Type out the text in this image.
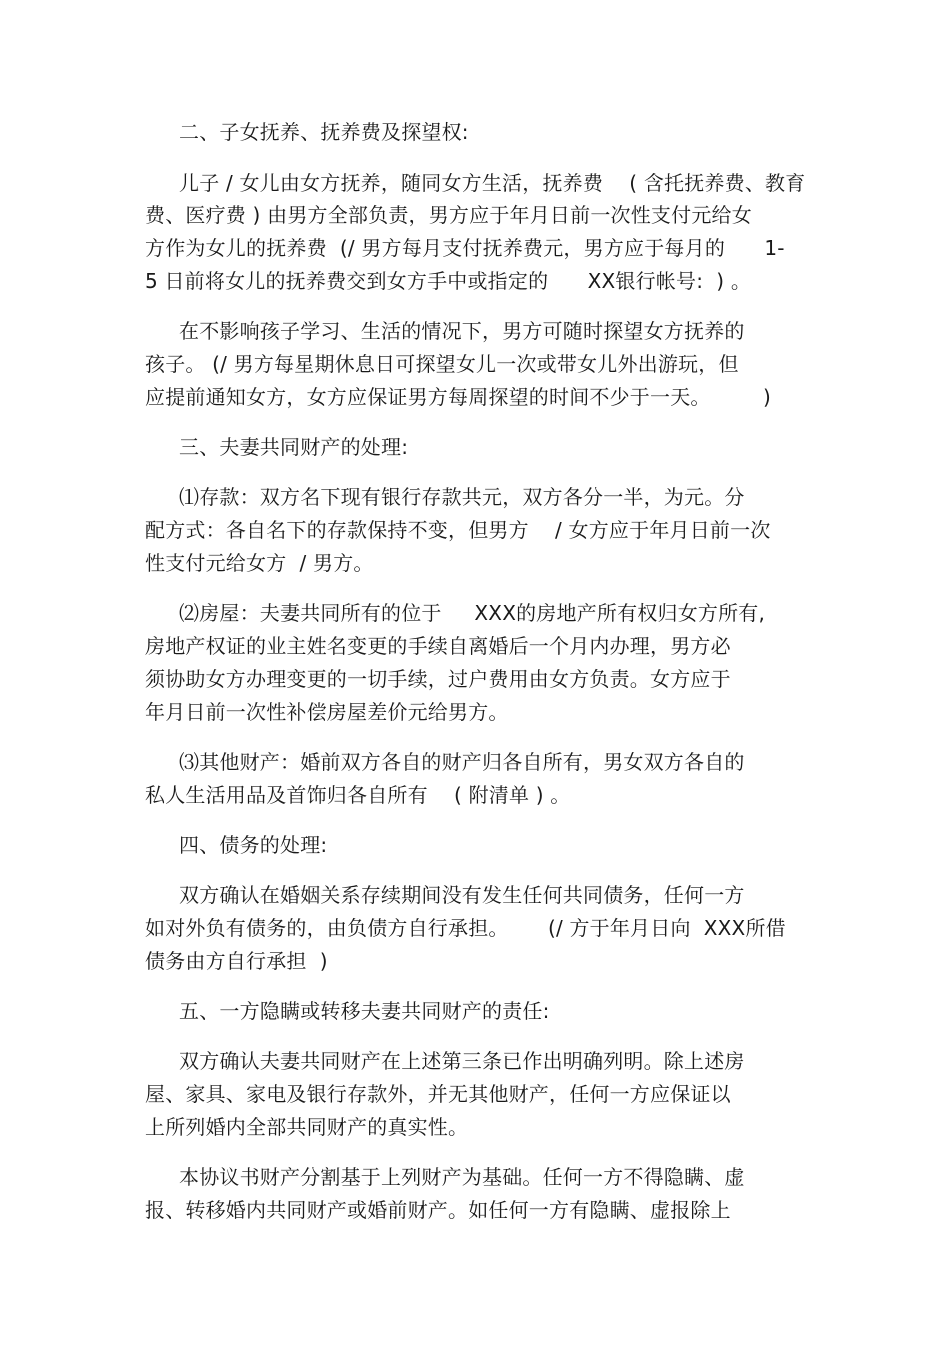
二、子女抚养、抚养费及探望权:
儿子 / 女儿由女方抚养，随同女方生活，抚养费    ( 含托抚养费、教育
费、医疗费 ) 由男方全部负责，男方应于年月日前一次性支付元给女
方作为女儿的抚养费  (/ 男方每月支付抚养费元，男方应于每月的      1-
5 日前将女儿的抚养费交到女方手中或指定的      XX银行帐号:  ) 。
在不影响孩子学习、生活的情况下，男方可随时探望女方抚养的
孩子。 (/ 男方每星期休息日可探望女儿一次或带女儿外出游玩，但
应提前通知女方，女方应保证男方每周探望的时间不少于一天。        )
三、夫妻共同财产的处理:
⑴存款：双方名下现有银行存款共元，双方各分一半，为元。分
配方式：各自名下的存款保持不变，但男方    / 女方应于年月日前一次
性支付元给女方  / 男方。
⑵房屋：夫妻共同所有的位于     XXX的房地产所有权归女方所有,
房地产权证的业主姓名变更的手续自离婚后一个月内办理，男方必
须协助女方办理变更的一切手续，过户费用由女方负责。女方应于
年月日前一次性补偿房屋差价元给男方。
⑶其他财产：婚前双方各自的财产归各自所有，男女双方各自的
私人生活用品及首饰归各自所有    ( 附清单 ) 。
四、债务的处理:
双方确认在婚姻关系存续期间没有发生任何共同债务，任何一方
如对外负有债务的，由负债方自行承担。      (/ 方于年月日向  XXX所借
债务由方自行承担  )
五、一方隐瞒或转移夫妻共同财产的责任:
双方确认夫妻共同财产在上述第三条已作出明确列明。除上述房
屋、家具、家电及银行存款外，并无其他财产，任何一方应保证以
上所列婚内全部共同财产的真实性。
本协议书财产分割基于上列财产为基础。任何一方不得隐瞒、虚
报、转移婚内共同财产或婚前财产。如任何一方有隐瞒、虚报除上
